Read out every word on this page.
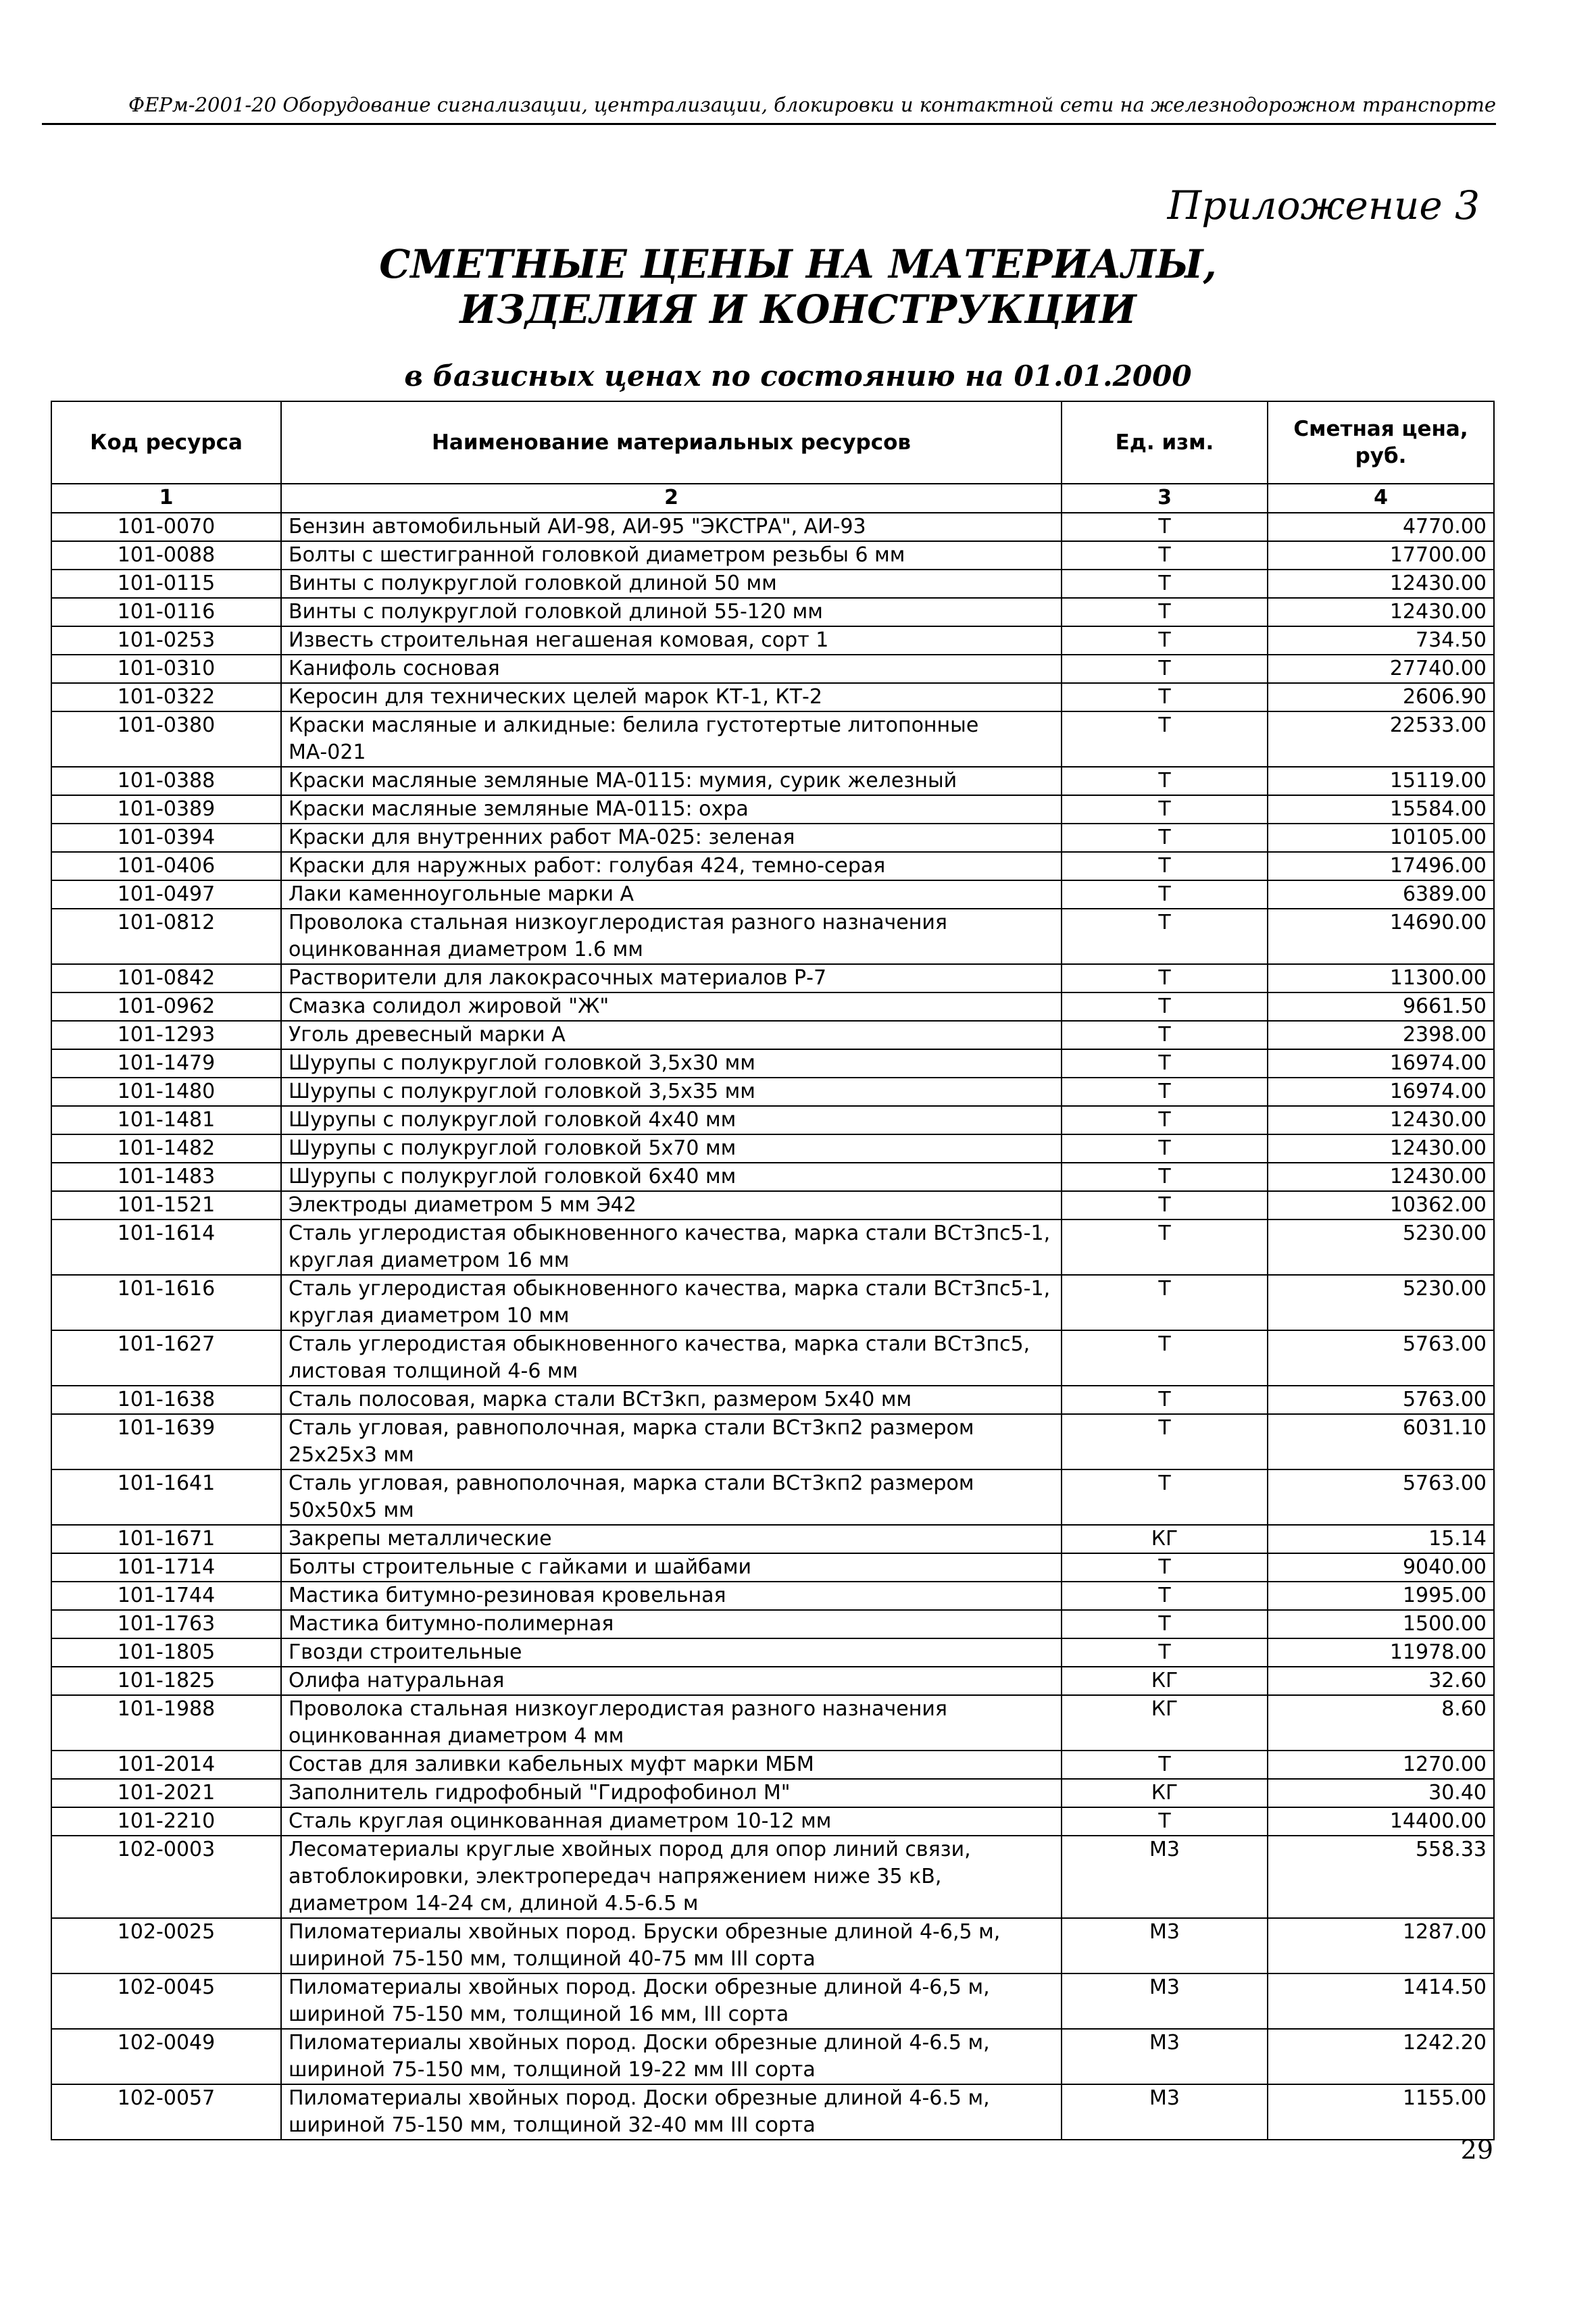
ФЕРм-2001-20 Оборудование сигнализации, централизации, блокировки и контактной сети на железнодорожном транспорте
Приложение 3
СМЕТНЫЕ ЦЕНЫ НА МАТЕРИАЛЫ,
ИЗДЕЛИЯ И КОНСТРУКЦИИ
в базисных ценах по состоянию на 01.01.2000
Код ресурса	Наименование материальных ресурсов	Ед. изм.	Сметная цена, руб.
1	2	3	4
101-0070	Бензин автомобильный АИ-98, АИ-95 "ЭКСТРА", АИ-93	Т	4770.00
101-0088	Болты с шестигранной головкой диаметром резьбы 6 мм	Т	17700.00
101-0115	Винты с полукруглой головкой длиной 50 мм	Т	12430.00
101-0116	Винты с полукруглой головкой длиной 55-120 мм	Т	12430.00
101-0253	Известь строительная негашеная комовая, сорт 1	Т	734.50
101-0310	Канифоль сосновая	Т	27740.00
101-0322	Керосин для технических целей марок КТ-1, КТ-2	Т	2606.90
101-0380	Краски масляные и алкидные: белила густотертые литопонные МА-021	Т	22533.00
101-0388	Краски масляные земляные МА-0115: мумия, сурик железный	Т	15119.00
101-0389	Краски масляные земляные МА-0115: охра	Т	15584.00
101-0394	Краски для внутренних работ МА-025: зеленая	Т	10105.00
101-0406	Краски для наружных работ: голубая 424, темно-серая	Т	17496.00
101-0497	Лаки каменноугольные марки А	Т	6389.00
101-0812	Проволока стальная низкоуглеродистая разного назначения оцинкованная диаметром 1.6 мм	Т	14690.00
101-0842	Растворители для лакокрасочных материалов Р-7	Т	11300.00
101-0962	Смазка солидол жировой "Ж"	Т	9661.50
101-1293	Уголь древесный марки А	Т	2398.00
101-1479	Шурупы с полукруглой головкой 3,5x30 мм	Т	16974.00
101-1480	Шурупы с полукруглой головкой 3,5x35 мм	Т	16974.00
101-1481	Шурупы с полукруглой головкой 4x40 мм	Т	12430.00
101-1482	Шурупы с полукруглой головкой 5x70 мм	Т	12430.00
101-1483	Шурупы с полукруглой головкой 6x40 мм	Т	12430.00
101-1521	Электроды диаметром 5 мм Э42	Т	10362.00
101-1614	Сталь углеродистая обыкновенного качества, марка стали ВСт3пс5-1, круглая диаметром 16 мм	Т	5230.00
101-1616	Сталь углеродистая обыкновенного качества, марка стали ВСт3пс5-1, круглая диаметром 10 мм	Т	5230.00
101-1627	Сталь углеродистая обыкновенного качества, марка стали ВСт3пс5, листовая толщиной 4-6 мм	Т	5763.00
101-1638	Сталь полосовая, марка стали ВСт3кп, размером 5x40 мм	Т	5763.00
101-1639	Сталь угловая, равнополочная, марка стали ВСт3кп2 размером 25x25x3 мм	Т	6031.10
101-1641	Сталь угловая, равнополочная, марка стали ВСт3кп2 размером 50x50x5 мм	Т	5763.00
101-1671	Закрепы металлические	КГ	15.14
101-1714	Болты строительные с гайками и шайбами	Т	9040.00
101-1744	Мастика битумно-резиновая кровельная	Т	1995.00
101-1763	Мастика битумно-полимерная	Т	1500.00
101-1805	Гвозди строительные	Т	11978.00
101-1825	Олифа натуральная	КГ	32.60
101-1988	Проволока стальная низкоуглеродистая разного назначения оцинкованная диаметром 4 мм	КГ	8.60
101-2014	Состав для заливки кабельных муфт марки МБМ	Т	1270.00
101-2021	Заполнитель гидрофобный "Гидрофобинол М"	КГ	30.40
101-2210	Сталь круглая оцинкованная диаметром 10-12 мм	Т	14400.00
102-0003	Лесоматериалы круглые хвойных пород для опор линий связи, автоблокировки, электропередач напряжением ниже 35 кВ, диаметром 14-24 см, длиной 4.5-6.5 м	М3	558.33
102-0025	Пиломатериалы хвойных пород. Бруски обрезные длиной 4-6,5 м, шириной 75-150 мм, толщиной 40-75 мм III сорта	М3	1287.00
102-0045	Пиломатериалы хвойных пород. Доски обрезные длиной 4-6,5 м, шириной 75-150 мм, толщиной 16 мм, III сорта	М3	1414.50
102-0049	Пиломатериалы хвойных пород. Доски обрезные длиной 4-6.5 м, шириной 75-150 мм, толщиной 19-22 мм III сорта	М3	1242.20
102-0057	Пиломатериалы хвойных пород. Доски обрезные длиной 4-6.5 м, шириной 75-150 мм, толщиной 32-40 мм III сорта	М3	1155.00
29
